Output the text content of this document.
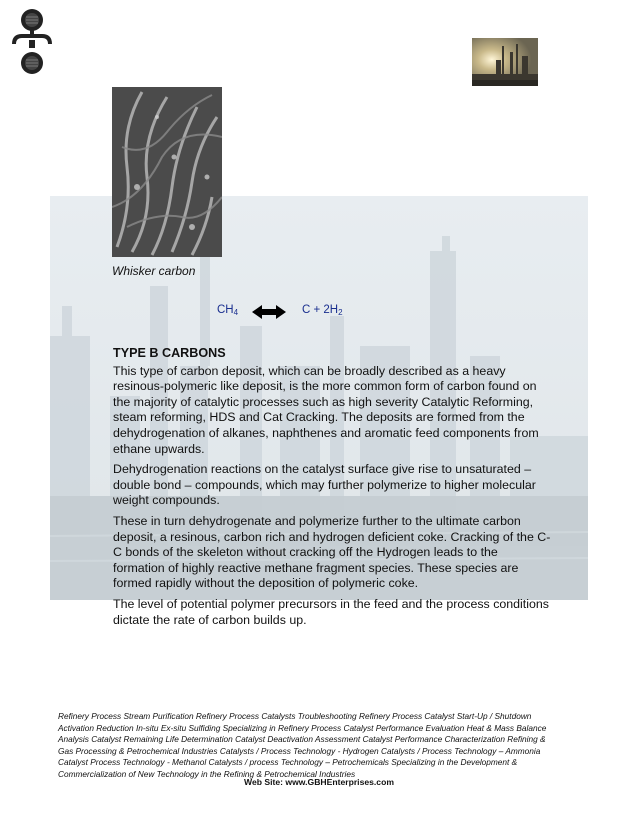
Whisker carbon
$CH_4$	$C + 2H_2$
TYPE B CARBONS

This type of carbon deposit, which can be broadly described as a heavy resinous-polymeric like deposit, is the more common form of carbon found on the majority of catalytic processes such as high severity Catalytic Reforming, steam reforming, HDS and Cat Cracking. The deposits are formed from the dehydrogenation of alkanes, naphthenes and aromatic feed components from ethane upwards.

Dehydrogenation reactions on the catalyst surface give rise to unsaturated – double bond – compounds, which may further polymerize to higher molecular weight compounds.

These in turn dehydrogenate and polymerize further to the ultimate carbon deposit, a resinous, carbon rich and hydrogen deficient coke. Cracking of the C-C bonds of the skeleton without cracking off the Hydrogen leads to the formation of highly reactive methane fragment species. These species are formed rapidly without the deposition of polymeric coke.

The level of potential polymer precursors in the feed and the process conditions dictate the rate of carbon builds up.

Refinery Process Stream Purification Refinery Process Catalysts Troubleshooting Refinery Process Catalyst Start-Up / Shutdown Activation Reduction In-situ Ex-situ Sulfiding Specializing in Refinery Process Catalyst Performance Evaluation Heat & Mass Balance Analysis Catalyst Remaining Life Determination Catalyst Deactivation Assessment Catalyst Performance Characterization Refining & Gas Processing & Petrochemical Industries Catalysts / Process Technology - Hydrogen Catalysts / Process Technology – Ammonia Catalyst Process Technology - Methanol Catalysts / process Technology – Petrochemicals Specializing in the Development & Commercialization of New Technology in the Refining & Petrochemical Industries
Web Site: www.GBHEnterprises.com
